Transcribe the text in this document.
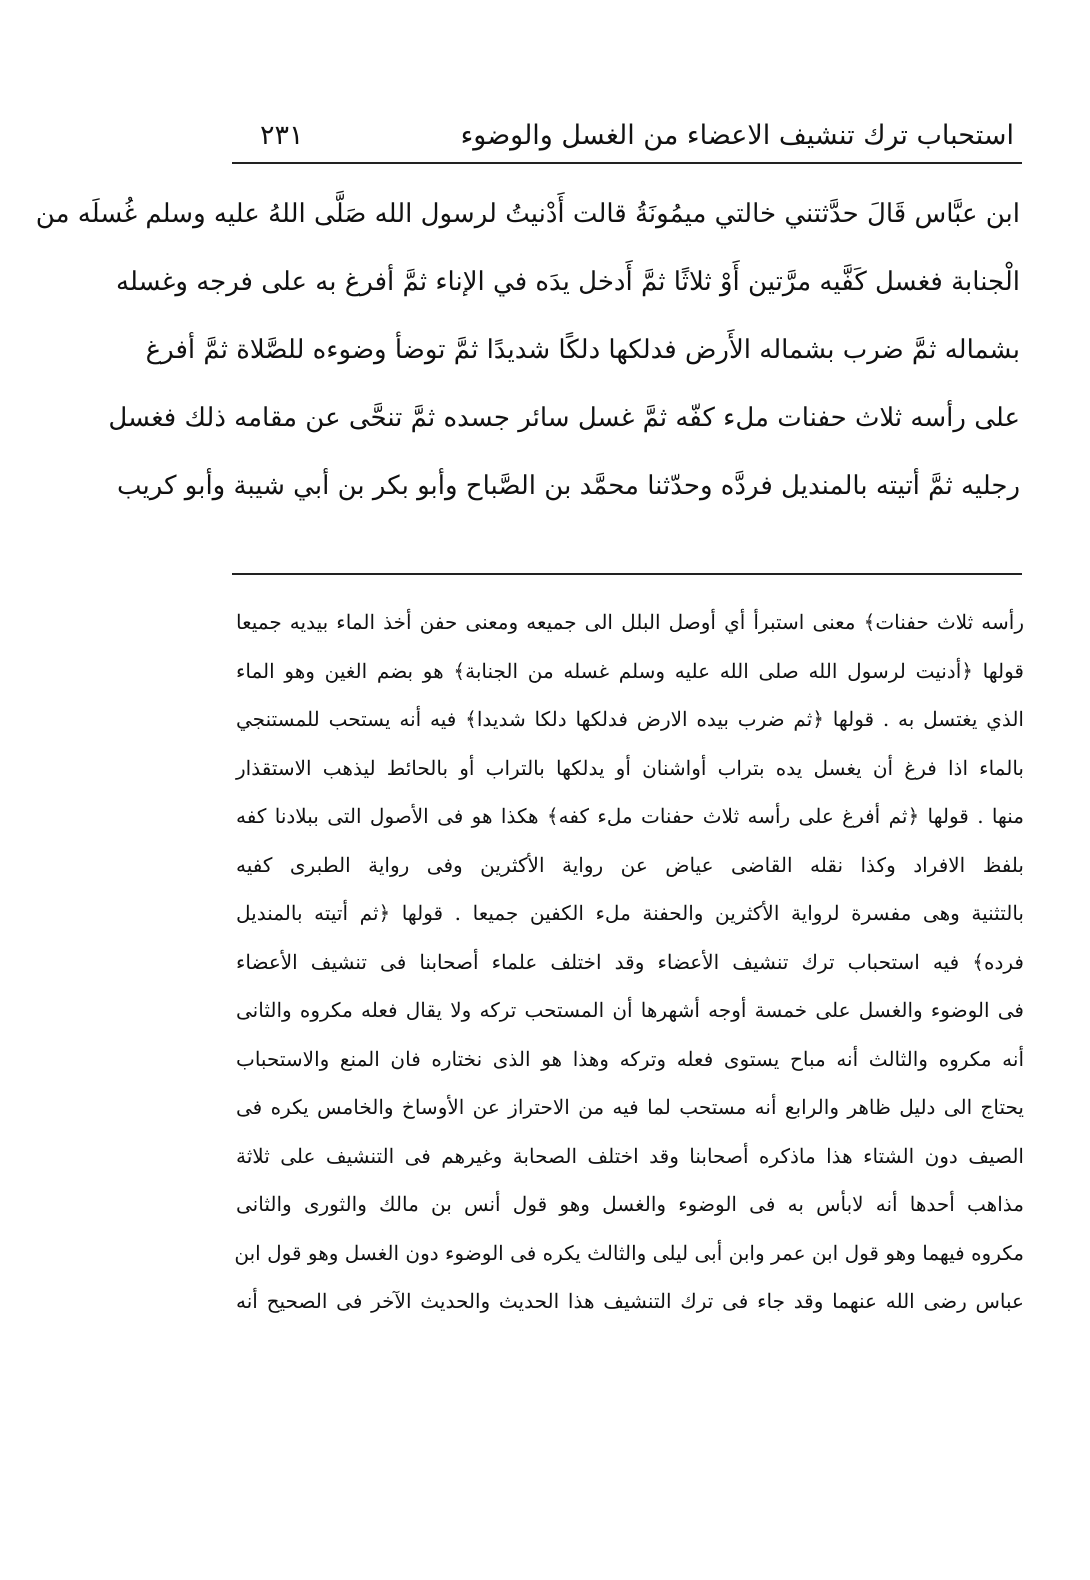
استحباب ترك تنشيف الاعضاء من الغسل والوضوء
٢٣١
ابن عبَّاس قَالَ حدَّثتني خالتي ميمُونَةُ قالت أَدْنيتُ لرسول الله صَلَّى اللهُ عليه وسلم غُسلَه من
الْجنابة فغسل كَفَّيه مرَّتين أَوْ ثلاثًا ثمَّ أَدخل يدَه في الإناء ثمَّ أفرغ به على فرجه وغسله
بشماله ثمَّ ضرب بشماله الأَرض فدلكها دلكًا شديدًا ثمَّ توضأ وضوءه للصَّلاة ثمَّ أفرغ
على رأسه ثلاث حفنات ملء كفّه ثمَّ غسل سائر جسده ثمَّ تنحَّى عن مقامه ذلك فغسل
رجليه ثمَّ أتيته بالمنديل فردَّه وحدّثنا محمَّد بن الصَّباح وأبو بكر بن أبي شيبة وأبو كريب
رأسه ثلاث حفنات﴾ معنى استبرأ أي أوصل البلل الى جميعه ومعنى حفن أخذ الماء بيديه جميعا
قولها ﴿أدنيت لرسول الله صلى الله عليه وسلم غسله من الجنابة﴾ هو بضم الغين وهو الماء
الذي يغتسل به . قولها ﴿ثم ضرب بيده الارض فدلكها دلكا شديدا﴾ فيه أنه يستحب للمستنجي
بالماء اذا فرغ أن يغسل يده بتراب أواشنان أو يدلكها بالتراب أو بالحائط ليذهب الاستقذار
منها . قولها ﴿ثم أفرغ على رأسه ثلاث حفنات ملء كفه﴾ هكذا هو فى الأصول التى ببلادنا كفه
بلفظ الافراد وكذا نقله القاضى عياض عن رواية الأكثرين وفى رواية الطبرى كفيه
بالتثنية وهى مفسرة لرواية الأكثرين والحفنة ملء الكفين جميعا . قولها ﴿ثم أتيته بالمنديل
فرده﴾ فيه استحباب ترك تنشيف الأعضاء وقد اختلف علماء أصحابنا فى تنشيف الأعضاء
فى الوضوء والغسل على خمسة أوجه أشهرها أن المستحب تركه ولا يقال فعله مكروه والثانى
أنه مكروه والثالث أنه مباح يستوى فعله وتركه وهذا هو الذى نختاره فان المنع والاستحباب
يحتاج الى دليل ظاهر والرابع أنه مستحب لما فيه من الاحتراز عن الأوساخ والخامس يكره فى
الصيف دون الشتاء هذا ماذكره أصحابنا وقد اختلف الصحابة وغيرهم فى التنشيف على ثلاثة
مذاهب أحدها أنه لابأس به فى الوضوء والغسل وهو قول أنس بن مالك والثورى والثانى
مكروه فيهما وهو قول ابن عمر وابن أبى ليلى والثالث يكره فى الوضوء دون الغسل وهو قول ابن
عباس رضى الله عنهما وقد جاء فى ترك التنشيف هذا الحديث والحديث الآخر فى الصحيح أنه
